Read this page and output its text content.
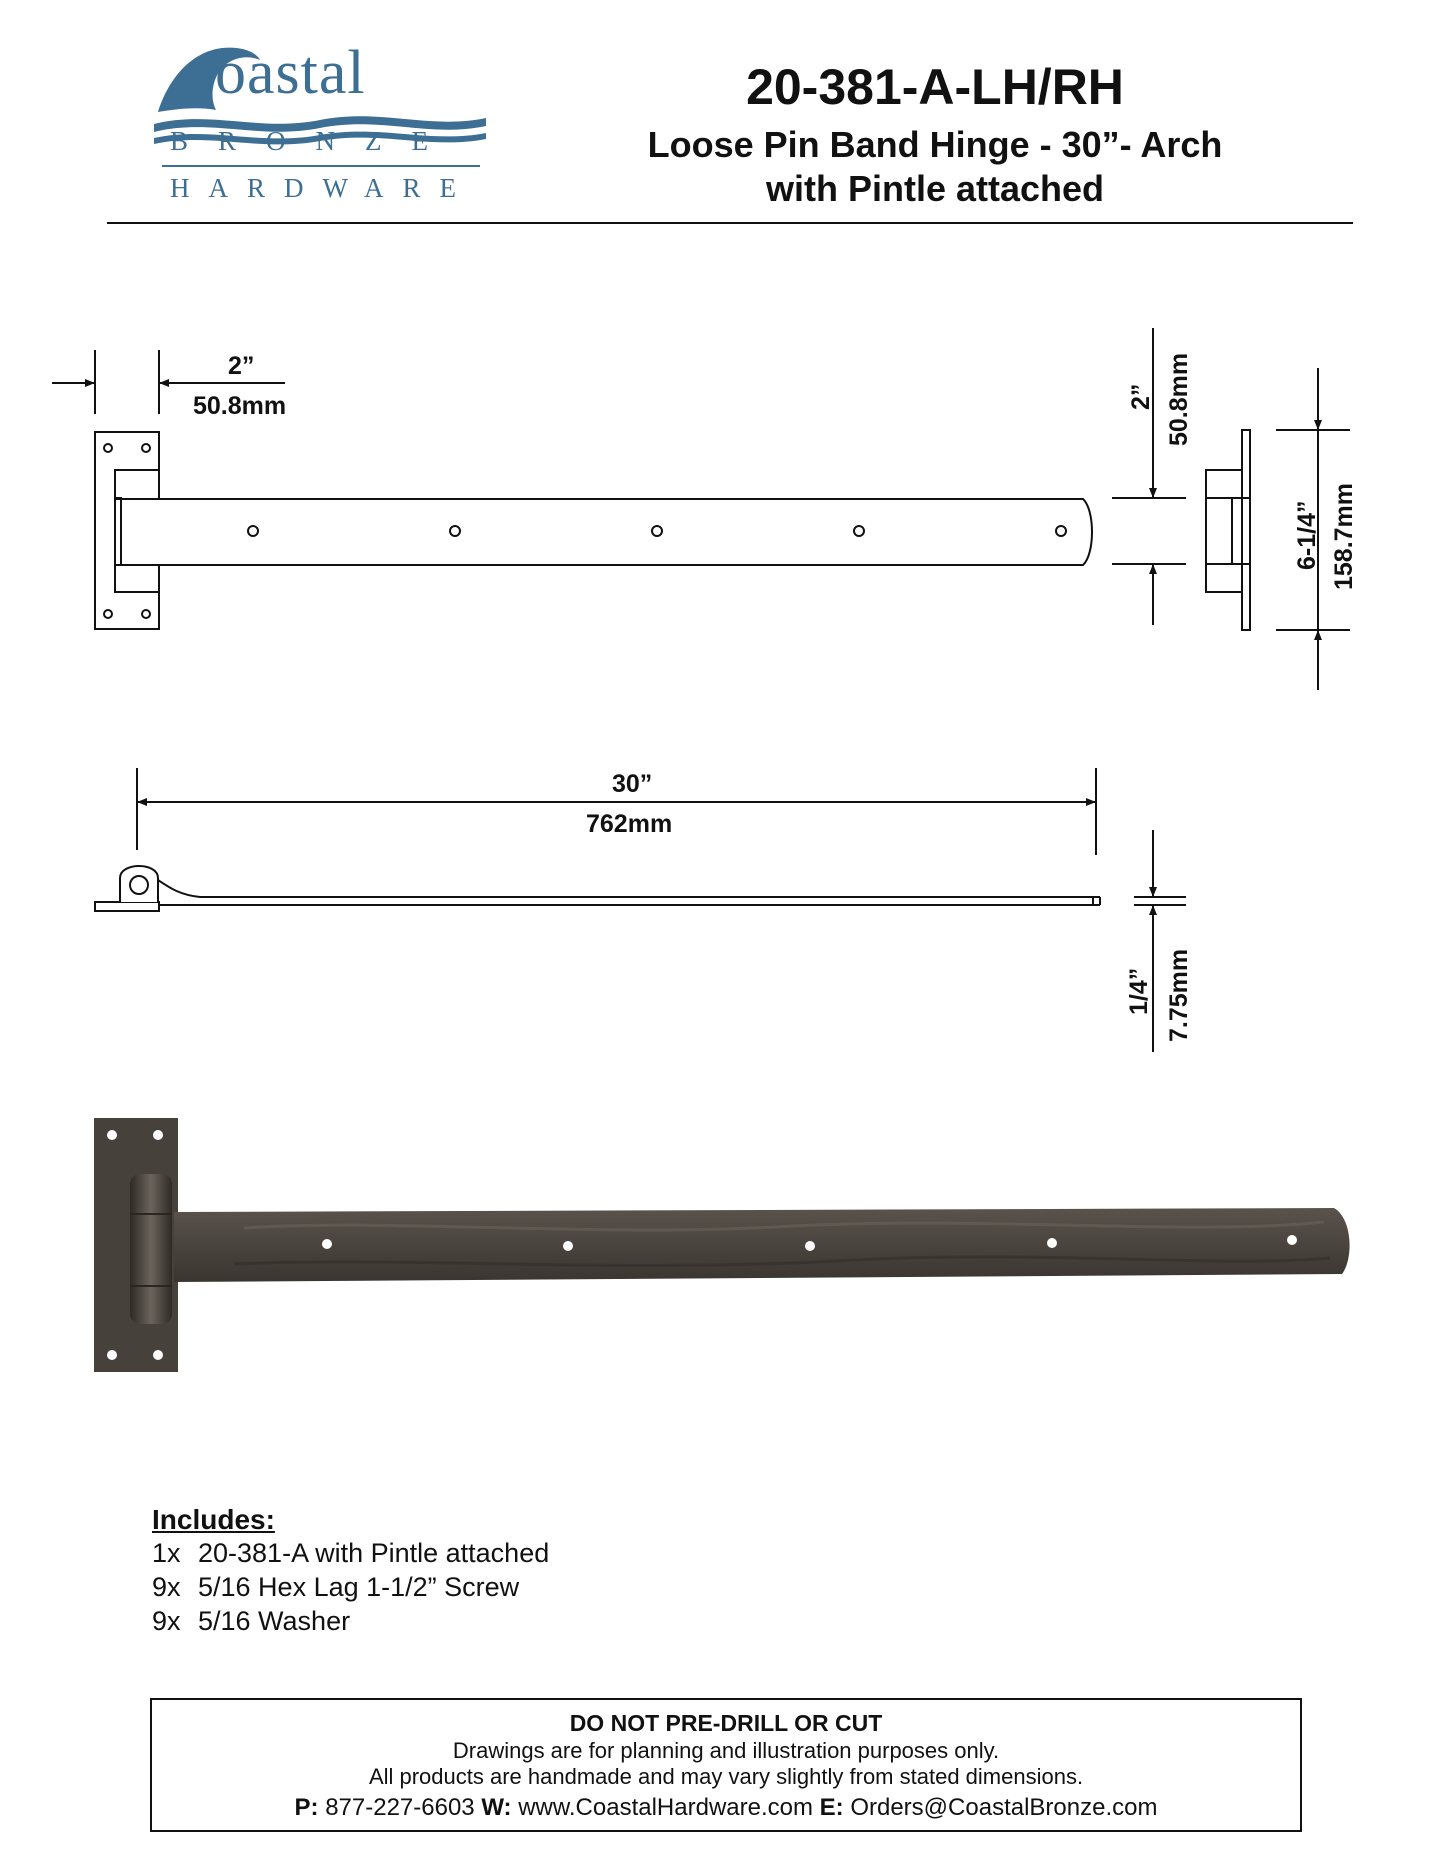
oastal
BRONZE
HARDWARE
20-381-A-LH/RH
Loose Pin Band Hinge - 30”- Arch
with Pintle attached
2”
50.8mm	2” 50.8mm
6-1/4” 158.7mm
30”
762mm
1/4” 7.75mm
Includes:
1x 20-381-A with Pintle attached
9x 5/16 Hex Lag 1-1/2” Screw
9x 5/16 Washer
DO NOT PRE-DRILL OR CUT
Drawings are for planning and illustration purposes only.
All products are handmade and may vary slightly from stated dimensions.
P: 877-227-6603 W: www.CoastalHardware.com E: Orders@CoastalBronze.com
